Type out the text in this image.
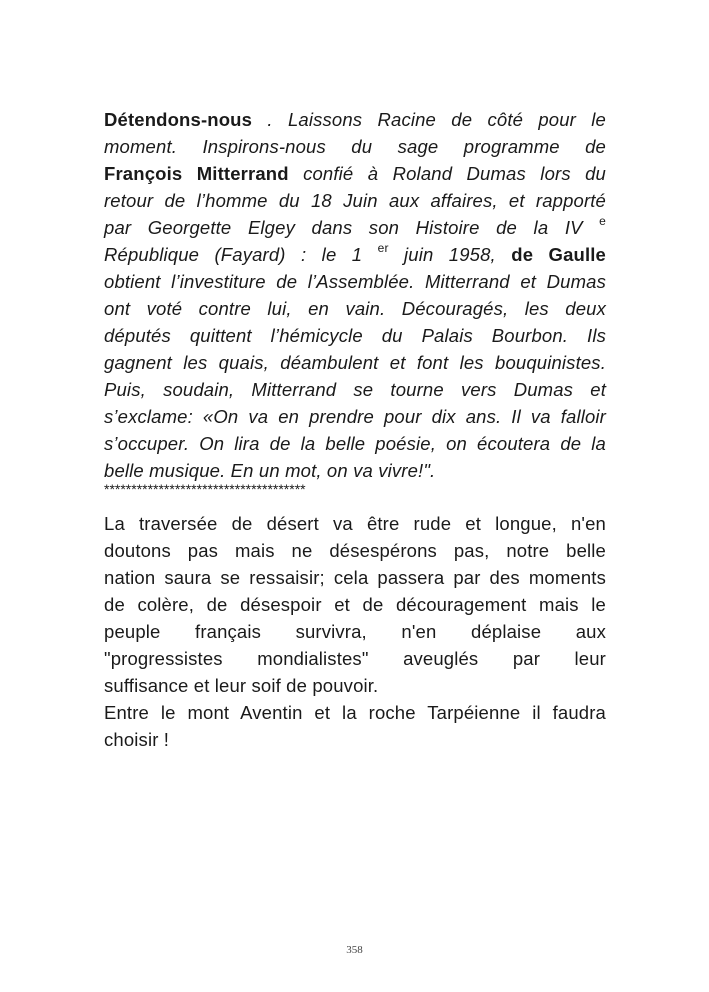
Détendons-nous . Laissons Racine de côté pour le
moment. Inspirons-nous du sage programme de
François Mitterrand confié à Roland Dumas lors du
retour de l’homme du 18 Juin aux affaires, et rapporté
par Georgette Elgey dans son Histoire de la IV $^e$
République (Fayard) : le 1 $^{er}$ juin 1958, de Gaulle
obtient l’investiture de l’Assemblée. Mitterrand et Dumas
ont voté contre lui, en vain. Découragés, les deux
députés quittent l’hémicycle du Palais Bourbon. Ils
gagnent les quais, déambulent et font les bouquinistes.
Puis, soudain, Mitterrand se tourne vers Dumas et
s’exclame: «On va en prendre pour dix ans. Il va falloir
s’occuper. On lira de la belle poésie, on écoutera de la
belle musique. En un mot, on va vivre!".
*************************************
La traversée de désert va être rude et longue, n'en
doutons pas mais ne désespérons pas, notre belle
nation saura se ressaisir; cela passera par des moments
de colère, de désespoir et de découragement mais le
peuple français survivra, n'en déplaise aux
"progressistes mondialistes" aveuglés par leur
suffisance et leur soif de pouvoir.
Entre le mont Aventin et la roche Tarpéienne il faudra
choisir !
358
